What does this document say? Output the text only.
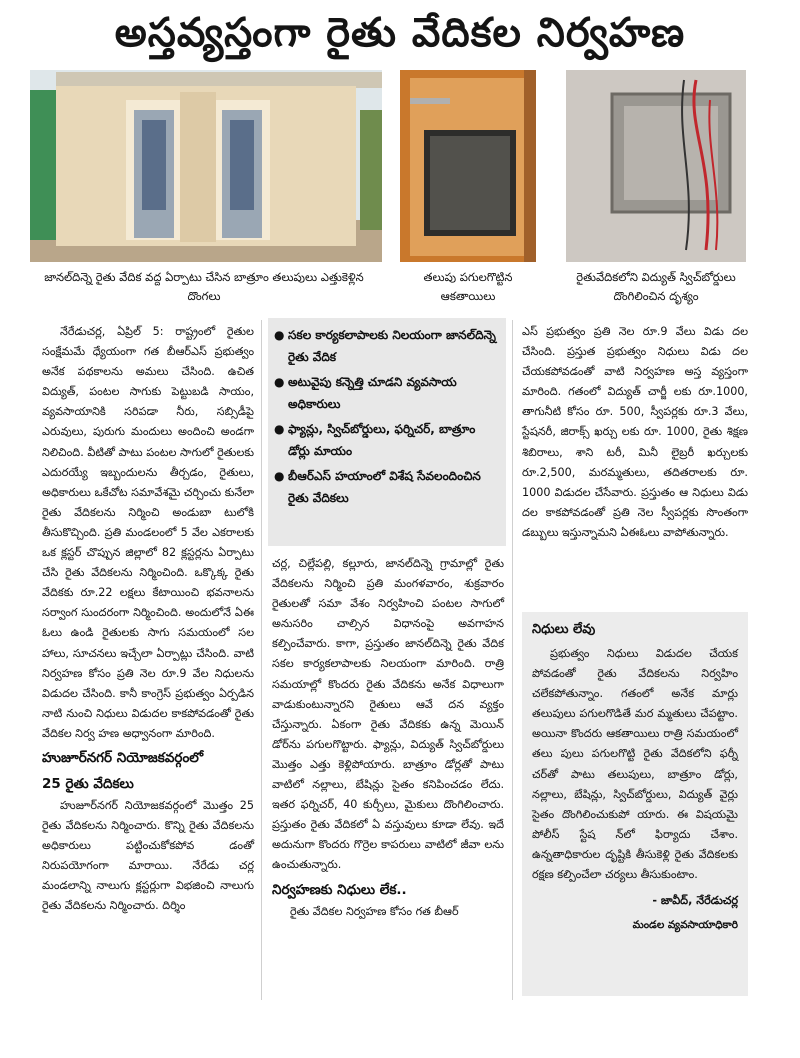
అస్తవ్యస్తంగా రైతు వేదికల నిర్వహణ
జానల్‌దిన్నె రైతు వేదిక వద్ద ఏర్పాటు చేసిన బాత్రూం తలుపులు ఎత్తుకెళ్లిన దొంగలు
తలుపు పగులగొట్టిన ఆకతాయిలు
రైతువేదికలోని విద్యుత్ స్విచ్‌బోర్డులు దొంగిలించిన దృశ్యం

నేరేడుచర్ల, ఏప్రిల్ 5: రాష్ట్రంలో రైతుల సంక్షేమమే ధ్యేయంగా గత బీఆర్‌ఎస్ ప్రభుత్వం అనేక పథకాలను అమలు చేసింది. ఉచిత విద్యుత్, పంటల సాగుకు పెట్టుబడి సాయం, వ్యవసాయానికి సరిపడా నీరు, సబ్సిడీపై ఎరువులు, పురుగు మందులు అందించి అండగా నిలిచింది. వీటితో పాటు పంటల సాగులో రైతులకు ఎదురయ్యే ఇబ్బందులను తీర్చడం, రైతులు, అధికారులు ఒకేచోట సమావేశమై చర్చించు కునేలా రైతు వేదికలను నిర్మించి అండుబా టులోకి తీసుకొచ్చింది. ప్రతి మండలంలో 5 వేల ఎకరాలకు ఒక క్లస్టర్ చొప్పున జిల్లాలో 82 క్లస్టర్లను ఏర్పాటు చేసి రైతు వేదికలను నిర్మించింది. ఒక్కొక్క రైతు వేదికకు రూ.22 లక్షలు కేటాయించి భవనాలను సర్వాంగ సుందరంగా నిర్మించింది. అందులోనే ఏఈ ఓలు ఉండి రైతులకు సాగు సమయంలో సల హాలు, సూచనలు ఇచ్చేలా ఏర్పాట్లు చేసింది. వాటి నిర్వహణ కోసం ప్రతి నెల రూ.9 వేల నిధులను విడుదల చేసింది. కానీ కాంగ్రెస్ ప్రభుత్వం ఏర్పడిన నాటి నుంచి నిధులు విడుదల కాకపోవడంతో రైతు వేదికల నిర్వ హణ అధ్వానంగా మారింది.

హుజూర్‌నగర్ నియోజకవర్గంలో
25 రైతు వేదికలు

హుజూర్‌నగర్ నియోజకవర్గంలో మొత్తం 25 రైతు వేదికలను నిర్మించారు. కొన్ని రైతు వేదికలను అధికారులు పట్టించుకోకపోవ డంతో నిరుపయోగంగా మారాయి. నేరేడు చర్ల మండలాన్ని నాలుగు క్లస్టర్లుగా విభజించి నాలుగు రైతు వేదికలను నిర్మించారు. దిర్శిం

● సకల కార్యకలాపాలకు నిలయంగా జానల్‌దిన్నె రైతు వేదిక
● అటువైపు కన్నెత్తి చూడని వ్యవసాయ అధికారులు
● ఫ్యాన్లు, స్విచ్‌బోర్డులు, ఫర్నిచర్, బాత్రూం డోర్లు మాయం
● బీఆర్‌ఎస్ హయాంలో విశేష సేవలందించిన రైతు వేదికలు

చర్ల, చిల్లేపల్లి, కల్లూరు, జానల్‌దిన్నె గ్రామాల్లో రైతు వేదికలను నిర్మించి ప్రతి మంగళవారం, శుక్రవారం రైతులతో సమా వేశం నిర్వహించి పంటల సాగులో అనుసరిం చాల్సిన విధానంపై అవగాహన కల్పించేవారు. కాగా, ప్రస్తుతం జానల్‌దిన్నె రైతు వేదిక సకల కార్యకలాపాలకు నిలయంగా మారింది. రాత్రి సమయాల్లో కొందరు రైతు వేదికను అనేక విధాలుగా వాడుకుంటున్నారని రైతులు ఆవే దన వ్యక్తం చేస్తున్నారు. ఏకంగా రైతు వేదికకు ఉన్న మెయిన్ డోర్‌ను పగులగొట్టారు. ఫ్యాన్లు, విద్యుత్ స్విచ్‌బోర్డులు మొత్తం ఎత్తు కెళ్లిపోయారు. బాత్రూం డోర్లతో పాటు వాటిలో నల్లాలు, బేషిన్లు సైతం కనిపించడం లేదు. ఇతర ఫర్నిచర్, 40 కుర్చీలు, మైకులు దొంగిలించారు. ప్రస్తుతం రైతు వేదికలో ఏ వస్తువులు కూడా లేవు. ఇదే అదునుగా కొందరు గొర్రెల కాపరులు వాటిలో జీవా లను ఉంచుతున్నారు.

నిర్వహణకు నిధులు లేక..

రైతు వేదికల నిర్వహణ కోసం గత బీఆర్

ఎస్ ప్రభుత్వం ప్రతి నెల రూ.9 వేలు విడు దల చేసింది. ప్రస్తుత ప్రభుత్వం నిధులు విడు దల చేయకపోవడంతో వాటి నిర్వహణ అస్త వ్యస్తంగా మారింది. గతంలో విద్యుత్ చార్జీ లకు రూ.1000, తాగునీటి కోసం రూ. 500, స్వీపర్లకు రూ.3 వేలు, స్టేషనరీ, జిరాక్స్ ఖర్చు లకు రూ. 1000, రైతు శిక్షణ శిబిరాలు, శాని టరీ, మినీ లైబ్రరీ ఖర్చులకు రూ.2,500, మరమ్మతులు, తదితరాలకు రూ. 1000 విడుదల చేసేవారు. ప్రస్తుతం ఆ నిధులు విడు దల కాకపోవడంతో ప్రతి నెల స్వీపర్లకు సొంతంగా డబ్బులు ఇస్తున్నామని ఏఈఓలు వాపోతున్నారు.

నిధులు లేవు

ప్రభుత్వం నిధులు విడుదల చేయక పోవడంతో రైతు వేదికలను నిర్వహిం చలేకపోతున్నాం. గతంలో అనేక మార్లు తలుపులు పగులగొడితే మర మ్మతులు చేపట్టాం. అయినా కొందరు ఆకతాయిలు రాత్రి సమయంలో తలు పులు పగులగొట్టి రైతు వేదికలోని ఫర్నీ చర్‌తో పాటు తలుపులు, బాత్రూం డోర్లు, నల్లాలు, బేషిన్లు, స్విచ్‌బోర్డులు, విద్యుత్ వైర్లు సైతం దొంగిలించుకుపో యారు. ఈ విషయమై పోలీస్ స్టేష న్‌లో ఫిర్యాదు చేశాం. ఉన్నతాధికారుల దృష్టికి తీసుకెళ్లి రైతు వేదికలకు రక్షణ కల్పించేలా చర్యలు తీసుకుంటాం.

- జావీద్, నేరేడుచర్ల
మండల వ్యవసాయాధికారి
